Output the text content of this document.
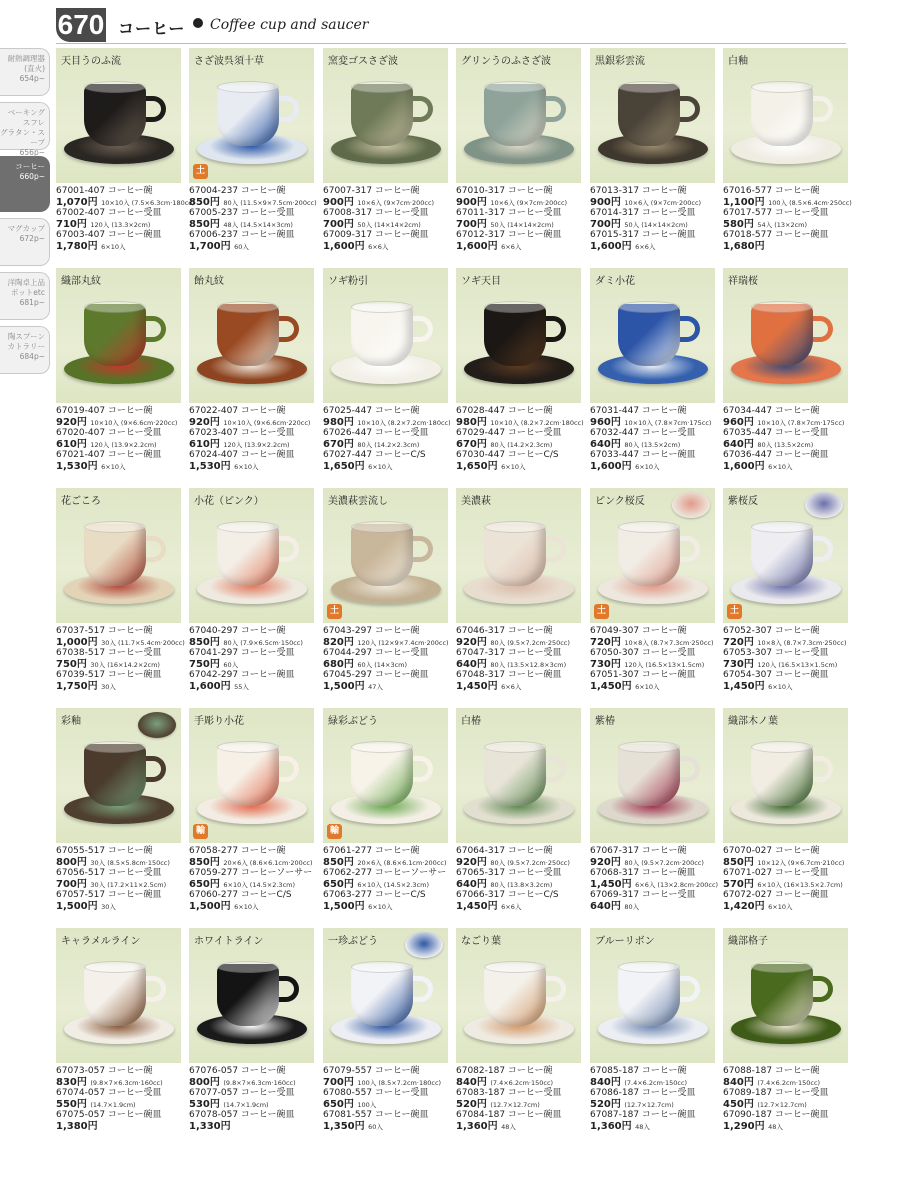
670 コーヒー Coffee cup and saucer
耐熱調理器
(直火)
654p~
ベーキング
スフレ
グラタン・スープ
656p~
コーヒー
660p~
マグカップ
672p~
洋陶卓上品
ポットetc
681p~
陶スプーン
カトラリー
684p~
天目うのふ流
67001-407 コーヒー碗
1,070円 10×10入 (7.5×6.3cm·180cc)
67002-407 コーヒー受皿
710円 120入 (13.3×2cm)
67003-407 コーヒー碗皿
1,780円 6×10入
さざ波呉須十草
土
67004-237 コーヒー碗
850円 80入 (11.5×9×7.5cm·200cc)
67005-237 コーヒー受皿
850円 48入 (14.5×14×3cm)
67006-237 コーヒー碗皿
1,700円 60入
窯変ゴスさざ波
67007-317 コーヒー碗
900円 10×6入 (9×7cm·200cc)
67008-317 コーヒー受皿
700円 50入 (14×14×2cm)
67009-317 コーヒー碗皿
1,600円 6×6入
グリンうのふさざ波
67010-317 コーヒー碗
900円 10×6入 (9×7cm·200cc)
67011-317 コーヒー受皿
700円 50入 (14×14×2cm)
67012-317 コーヒー碗皿
1,600円 6×6入
黒銀彩雲流
67013-317 コーヒー碗
900円 10×6入 (9×7cm·200cc)
67014-317 コーヒー受皿
700円 50入 (14×14×2cm)
67015-317 コーヒー碗皿
1,600円 6×6入
白釉
67016-577 コーヒー碗
1,100円 100入 (8.5×6.4cm·250cc)
67017-577 コーヒー受皿
580円 54入 (13×2cm)
67018-577 コーヒー碗皿
1,680円
織部丸紋
67019-407 コーヒー碗
920円 10×10入 (9×6.6cm·220cc)
67020-407 コーヒー受皿
610円 120入 (13.9×2.2cm)
67021-407 コーヒー碗皿
1,530円 6×10入
飴丸紋
67022-407 コーヒー碗
920円 10×10入 (9×6.6cm·220cc)
67023-407 コーヒー受皿
610円 120入 (13.9×2.2cm)
67024-407 コーヒー碗皿
1,530円 6×10入
ソギ粉引
67025-447 コーヒー碗
980円 10×10入 (8.2×7.2cm·180cc)
67026-447 コーヒー受皿
670円 80入 (14.2×2.3cm)
67027-447 コーヒーC/S
1,650円 6×10入
ソギ天目
67028-447 コーヒー碗
980円 10×10入 (8.2×7.2cm·180cc)
67029-447 コーヒー受皿
670円 80入 (14.2×2.3cm)
67030-447 コーヒーC/S
1,650円 6×10入
ダミ小花
67031-447 コーヒー碗
960円 10×10入 (7.8×7cm·175cc)
67032-447 コーヒー受皿
640円 80入 (13.5×2cm)
67033-447 コーヒー碗皿
1,600円 6×10入
祥瑞桜
67034-447 コーヒー碗
960円 10×10入 (7.8×7cm·175cc)
67035-447 コーヒー受皿
640円 80入 (13.5×2cm)
67036-447 コーヒー碗皿
1,600円 6×10入
花ごころ
67037-517 コーヒー碗
1,000円 30入 (11.7×5.4cm·200cc)
67038-517 コーヒー受皿
750円 30入 (16×14.2×2cm)
67039-517 コーヒー碗皿
1,750円 30入
小花（ピンク）
67040-297 コーヒー碗
850円 80入 (7.9×6.5cm·150cc)
67041-297 コーヒー受皿
750円 60入
67042-297 コーヒー碗皿
1,600円 55入
美濃萩雲流し
土
67043-297 コーヒー碗
820円 120入 (12×9×7.4cm·200cc)
67044-297 コーヒー受皿
680円 60入 (14×3cm)
67045-297 コーヒー碗皿
1,500円 47入
美濃萩
67046-317 コーヒー碗
920円 80入 (9.5×7.2cm·250cc)
67047-317 コーヒー受皿
640円 80入 (13.5×12.8×3cm)
67048-317 コーヒー碗皿
1,450円 6×6入
ピンク桜反
土
67049-307 コーヒー碗
720円 10×8入 (8.7×7.3cm·250cc)
67050-307 コーヒー受皿
730円 120入 (16.5×13×1.5cm)
67051-307 コーヒー碗皿
1,450円 6×10入
紫桜反
土
67052-307 コーヒー碗
720円 10×8入 (8.7×7.3cm·250cc)
67053-307 コーヒー受皿
730円 120入 (16.5×13×1.5cm)
67054-307 コーヒー碗皿
1,450円 6×10入
彩釉
67055-517 コーヒー碗
800円 30入 (8.5×5.8cm·150cc)
67056-517 コーヒー受皿
700円 30入 (17.2×11×2.5cm)
67057-517 コーヒー碗皿
1,500円 30入
手彫り小花
輸
67058-277 コーヒー碗
850円 20×6入 (8.6×6.1cm·200cc)
67059-277 コーヒーソーサー
650円 6×10入 (14.5×2.3cm)
67060-277 コーヒーC/S
1,500円 6×10入
緑彩ぶどう
輸
67061-277 コーヒー碗
850円 20×6入 (8.6×6.1cm·200cc)
67062-277 コーヒーソーサー
650円 6×10入 (14.5×2.3cm)
67063-277 コーヒーC/S
1,500円 6×10入
白椿
67064-317 コーヒー碗
920円 80入 (9.5×7.2cm·250cc)
67065-317 コーヒー受皿
640円 80入 (13.8×3.2cm)
67066-317 コーヒーC/S
1,450円 6×6入
紫椿
67067-317 コーヒー碗
920円 80入 (9.5×7.2cm·200cc)
67068-317 コーヒー碗皿
1,450円 6×6入 (13×2.8cm·200cc)
67069-317 コーヒー受皿
640円 80入
織部木ノ葉
67070-027 コーヒー碗
850円 10×12入 (9×6.7cm·210cc)
67071-027 コーヒー受皿
570円 6×10入 (16×13.5×2.7cm)
67072-027 コーヒー碗皿
1,420円 6×10入
キャラメルライン
67073-057 コーヒー碗
830円 (9.8×7×6.3cm·160cc)
67074-057 コーヒー受皿
550円 (14.7×1.9cm)
67075-057 コーヒー碗皿
1,380円
ホワイトライン
67076-057 コーヒー碗
800円 (9.8×7×6.3cm·160cc)
67077-057 コーヒー受皿
530円 (14.7×1.9cm)
67078-057 コーヒー碗皿
1,330円
一珍ぶどう
67079-557 コーヒー碗
700円 100入 (8.5×7.2cm·180cc)
67080-557 コーヒー受皿
650円 100入
67081-557 コーヒー碗皿
1,350円 60入
なごり葉
67082-187 コーヒー碗
840円 (7.4×6.2cm·150cc)
67083-187 コーヒー受皿
520円 (12.7×12.7cm)
67084-187 コーヒー碗皿
1,360円 48入
ブルーリボン
67085-187 コーヒー碗
840円 (7.4×6.2cm·150cc)
67086-187 コーヒー受皿
520円 (12.7×12.7cm)
67087-187 コーヒー碗皿
1,360円 48入
織部格子
67088-187 コーヒー碗
840円 (7.4×6.2cm·150cc)
67089-187 コーヒー受皿
450円 (12.7×12.7cm)
67090-187 コーヒー碗皿
1,290円 48入
